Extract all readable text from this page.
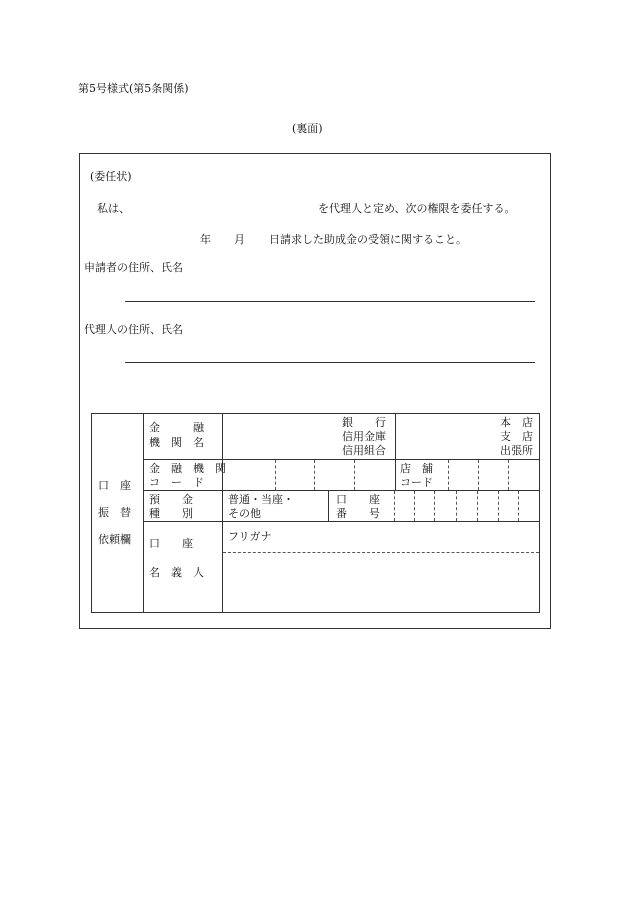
第5号様式(第5条関係)
(裏面)
(委任状)
私は、	を代理人と定め、次の権限を委任する。
年 月 日請求した助成金の受領に関すること。
申請者の住所、氏名
代理人の住所、氏名
口　座
振　替
依頼欄
金　　　融
機　関　名
銀　　行
信用金庫
信用組合
本　店
支　店
出張所
金　融　機　関
コ　ー　ド
店　舗
コード
預　　金
種　　別
普通・当座・
その他
口　　座
番　　号
口　　座
名　義　人
フリガナ
